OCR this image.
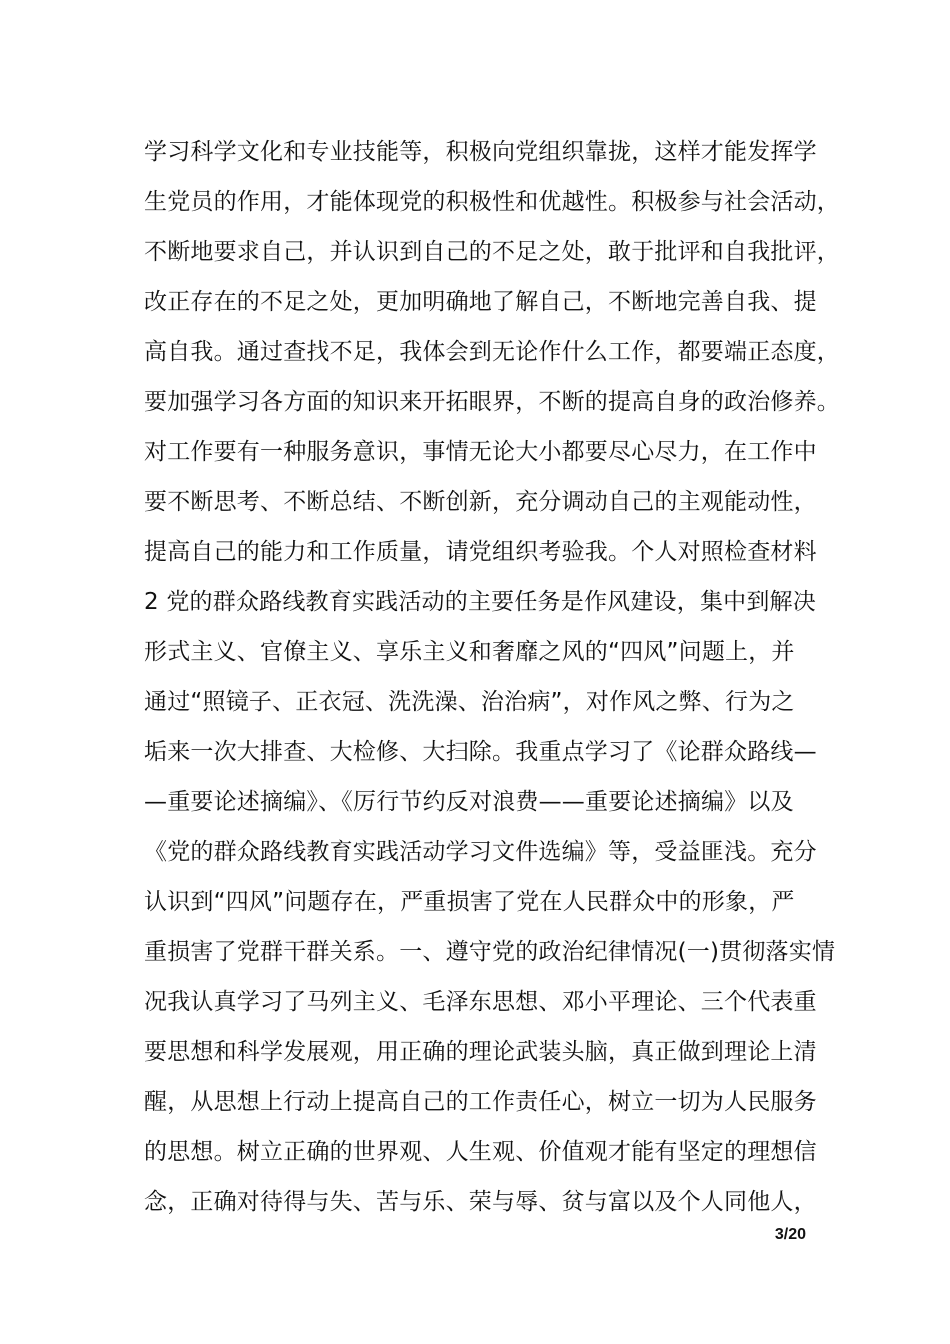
学习科学文化和专业技能等，积极向党组织靠拢，这样才能发挥学
生党员的作用，才能体现党的积极性和优越性。积极参与社会活动，
不断地要求自己，并认识到自己的不足之处，敢于批评和自我批评，
改正存在的不足之处，更加明确地了解自己，不断地完善自我、提
高自我。通过查找不足，我体会到无论作什么工作，都要端正态度，
要加强学习各方面的知识来开拓眼界，不断的提高自身的政治修养。
对工作要有一种服务意识，事情无论大小都要尽心尽力，在工作中
要不断思考、不断总结、不断创新，充分调动自己的主观能动性，
提高自己的能力和工作质量，请党组织考验我。个人对照检查材料
2 党的群众路线教育实践活动的主要任务是作风建设，集中到解决
形式主义、官僚主义、享乐主义和奢靡之风的“四风”问题上，并
通过“照镜子、正衣冠、洗洗澡、治治病”，对作风之弊、行为之
垢来一次大排查、大检修、大扫除。我重点学习了《论群众路线—
—重要论述摘编》、《厉行节约反对浪费——重要论述摘编》以及
《党的群众路线教育实践活动学习文件选编》等，受益匪浅。充分
认识到“四风”问题存在，严重损害了党在人民群众中的形象，严
重损害了党群干群关系。一、遵守党的政治纪律情况(一)贯彻落实情
况我认真学习了马列主义、毛泽东思想、邓小平理论、三个代表重
要思想和科学发展观，用正确的理论武装头脑，真正做到理论上清
醒，从思想上行动上提高自己的工作责任心，树立一切为人民服务
的思想。树立正确的世界观、人生观、价值观才能有坚定的理想信
念，正确对待得与失、苦与乐、荣与辱、贫与富以及个人同他人，
3/20
